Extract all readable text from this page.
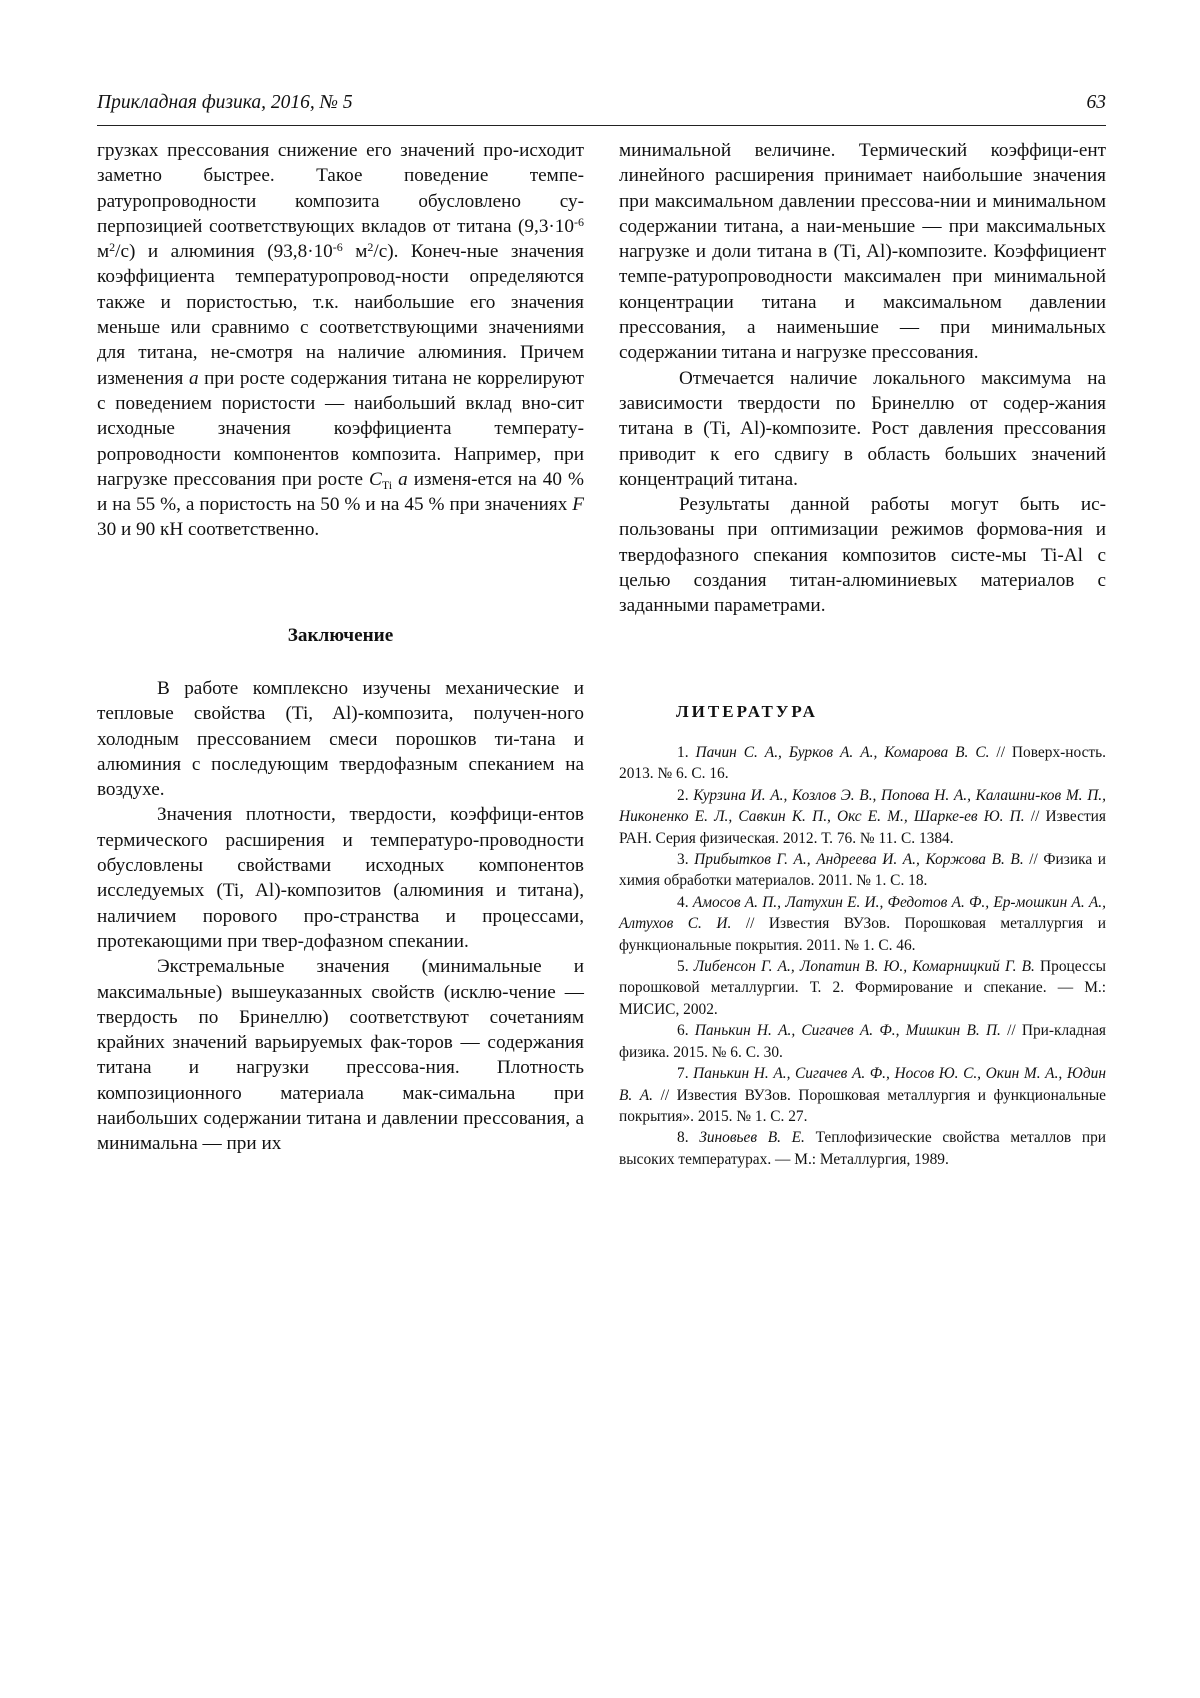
Прикладная физика, 2016, № 5	63

грузках прессования снижение его значений про-исходит заметно быстрее. Такое поведение темпе-ратуропроводности композита обусловлено су-перпозицией соответствующих вкладов от титана ($9,3\cdot 10^{-6}$ $м^2/с$) и алюминия ($93,8\cdot 10^{-6}$ $м^2/с$). Конеч-ные значения коэффициента температуропровод-ности определяются также и пористостью, т.к. наибольшие его значения меньше или сравнимо с соответствующими значениями для титана, не-смотря на наличие алюминия. Причем изменения a при росте содержания титана не коррелируют с поведением пористости — наибольший вклад вно-сит исходные значения коэффициента температу-ропроводности компонентов композита. Например, при нагрузке прессования при росте $C_{Ti}$ a изменя-ется на 40 % и на 55 %, а пористость на 50 % и на 45 % при значениях F 30 и 90 кН соответственно.

Заключение

В работе комплексно изучены механические и тепловые свойства (Ti, Al)-композита, получен-ного холодным прессованием смеси порошков ти-тана и алюминия с последующим твердофазным спеканием на воздухе.

Значения плотности, твердости, коэффици-ентов термического расширения и температуро-проводности обусловлены свойствами исходных компонентов исследуемых (Ti, Al)-композитов (алюминия и титана), наличием порового про-странства и процессами, протекающими при твер-дофазном спекании.

Экстремальные значения (минимальные и максимальные) вышеуказанных свойств (исклю-чение — твердость по Бринеллю) соответствуют сочетаниям крайних значений варьируемых фак-торов — содержания титана и нагрузки прессова-ния. Плотность композиционного материала мак-симальна при наибольших содержании титана и давлении прессования, а минимальна — при их

минимальной величине. Термический коэффици-ент линейного расширения принимает наибольшие значения при максимальном давлении прессова-нии и минимальном содержании титана, а наи-меньшие — при максимальных нагрузке и доли титана в (Ti, Al)-композите. Коэффициент темпе-ратуропроводности максимален при минимальной концентрации титана и максимальном давлении прессования, а наименьшие — при минимальных содержании титана и нагрузке прессования.

Отмечается наличие локального максимума на зависимости твердости по Бринеллю от содер-жания титана в (Ti, Al)-композите. Рост давления прессования приводит к его сдвигу в область больших значений концентраций титана.

Результаты данной работы могут быть ис-пользованы при оптимизации режимов формова-ния и твердофазного спекания композитов систе-мы Ti-Al с целью создания титан-алюминиевых материалов с заданными параметрами.

ЛИТЕРАТУРА

1. Пачин С. А., Бурков А. А., Комарова В. С. // Поверх-ность. 2013. № 6. С. 16.

2. Курзина И. А., Козлов Э. В., Попова Н. А., Калашни-ков М. П., Никоненко Е. Л., Савкин К. П., Окс Е. М., Шарке-ев Ю. П. // Известия РАН. Серия физическая. 2012. Т. 76. № 11. С. 1384.

3. Прибытков Г. А., Андреева И. А., Коржова В. В. // Физика и химия обработки материалов. 2011. № 1. С. 18.

4. Амосов А. П., Латухин Е. И., Федотов А. Ф., Ер-мошкин А. А., Алтухов С. И. // Известия ВУЗов. Порошковая металлургия и функциональные покрытия. 2011. № 1. С. 46.

5. Либенсон Г. А., Лопатин В. Ю., Комарницкий Г. В. Процессы порошковой металлургии. Т. 2. Формирование и спекание. — М.: МИСИС, 2002.

6. Панькин Н. А., Сигачев А. Ф., Мишкин В. П. // При-кладная физика. 2015. № 6. С. 30.

7. Панькин Н. А., Сигачев А. Ф., Носов Ю. С., Окин М. А., Юдин В. А. // Известия ВУЗов. Порошковая металлургия и функциональные покрытия». 2015. № 1. С. 27.

8. Зиновьев В. Е. Теплофизические свойства металлов при высоких температурах. — М.: Металлургия, 1989.
